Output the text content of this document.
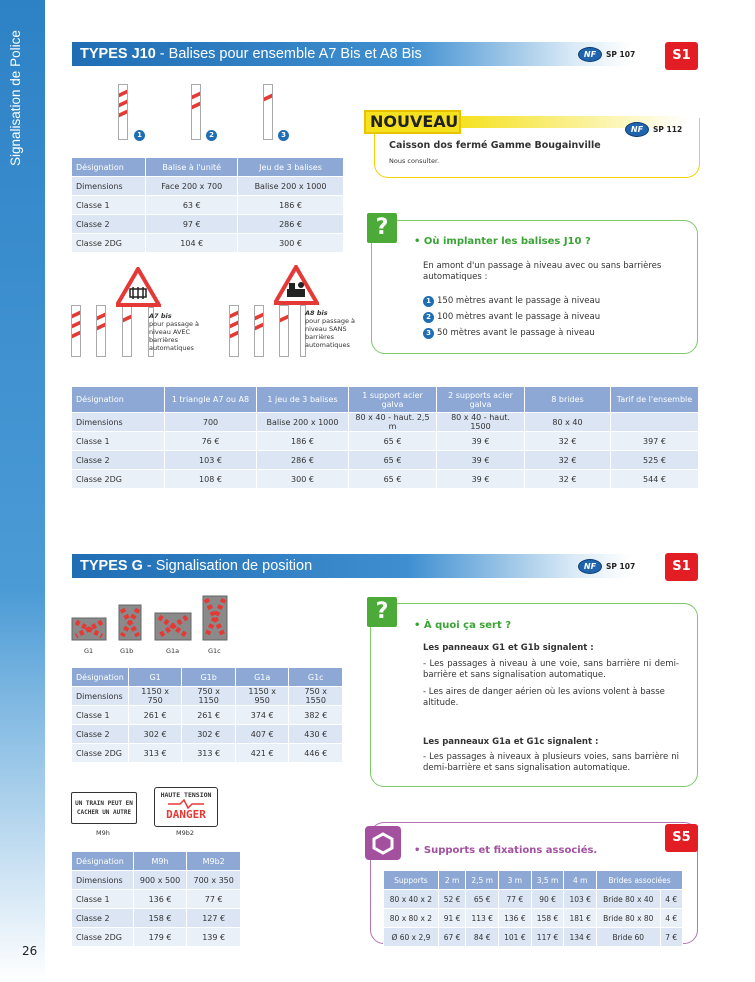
Signalisation de Police
26
TYPES J10 - Balises pour ensemble A7 Bis et A8 Bis	NF	SP 107	S1
1	2	3
Désignation	Balise à l'unité	Jeu de 3 balises
Dimensions	Face 200 x 700	Balise 200 x 1000
Classe 1	63 €	186 €
Classe 2	97 €	286 €
Classe 2DG	104 €	300 €
A7 bis
pour passage à niveau AVEC barrières automatiques
A8 bis
pour passage à niveau SANS barrières automatiques
NOUVEAU	NF	SP 112
Caisson dos fermé Gamme Bougainville
Nous consulter.
?
• Où implanter les balises J10 ?
En amont d'un passage à niveau avec ou sans barrières automatiques :
1 150 mètres avant le passage à niveau
2 100 mètres avant le passage à niveau
3 50 mètres avant le passage à niveau
Désignation	1 triangle A7 ou A8	1 jeu de 3 balises	1 support acier galva	2 supports acier galva	8 brides	Tarif de l'ensemble
Dimensions	700	Balise 200 x 1000	80 x 40 - haut. 2,5 m	80 x 40 - haut. 1500	80 x 40	
Classe 1	76 €	186 €	65 €	39 €	32 €	397 €
Classe 2	103 €	286 €	65 €	39 €	32 €	525 €
Classe 2DG	108 €	300 €	65 €	39 €	32 €	544 €
TYPES G - Signalisation de position	NF	SP 107	S1
G1	G1b	G1a	G1c
Désignation	G1	G1b	G1a	G1c
Dimensions	1150 x 750	750 x 1150	1150 x 950	750 x 1550
Classe 1	261 €	261 €	374 €	382 €
Classe 2	302 €	302 €	407 €	430 €
Classe 2DG	313 €	313 €	421 €	446 €
UN TRAIN PEUT EN CACHER UN AUTRE
HAUTE TENSION
DANGER
M9h	M9b2
Désignation	M9h	M9b2
Dimensions	900 x 500	700 x 350
Classe 1	136 €	77 €
Classe 2	158 €	127 €
Classe 2DG	179 €	139 €
?
• À quoi ça sert ?
Les panneaux G1 et G1b signalent :
- Les passages à niveau à une voie, sans barrière ni demi-barrière et sans signalisation automatique.
- Les aires de danger aérien où les avions volent à basse altitude.
Les panneaux G1a et G1c signalent :
- Les passages à niveaux à plusieurs voies, sans barrière ni demi-barrière et sans signalisation automatique.
S5
• Supports et fixations associés.
Supports	2 m	2,5 m	3 m	3,5 m	4 m	Brides associées	
80 x 40 x 2	52 €	65 €	77 €	90 €	103 €	Bride 80 x 40	4 €
80 x 80 x 2	91 €	113 €	136 €	158 €	181 €	Bride 80 x 80	4 €
Ø 60 x 2,9	67 €	84 €	101 €	117 €	134 €	Bride 60	7 €
